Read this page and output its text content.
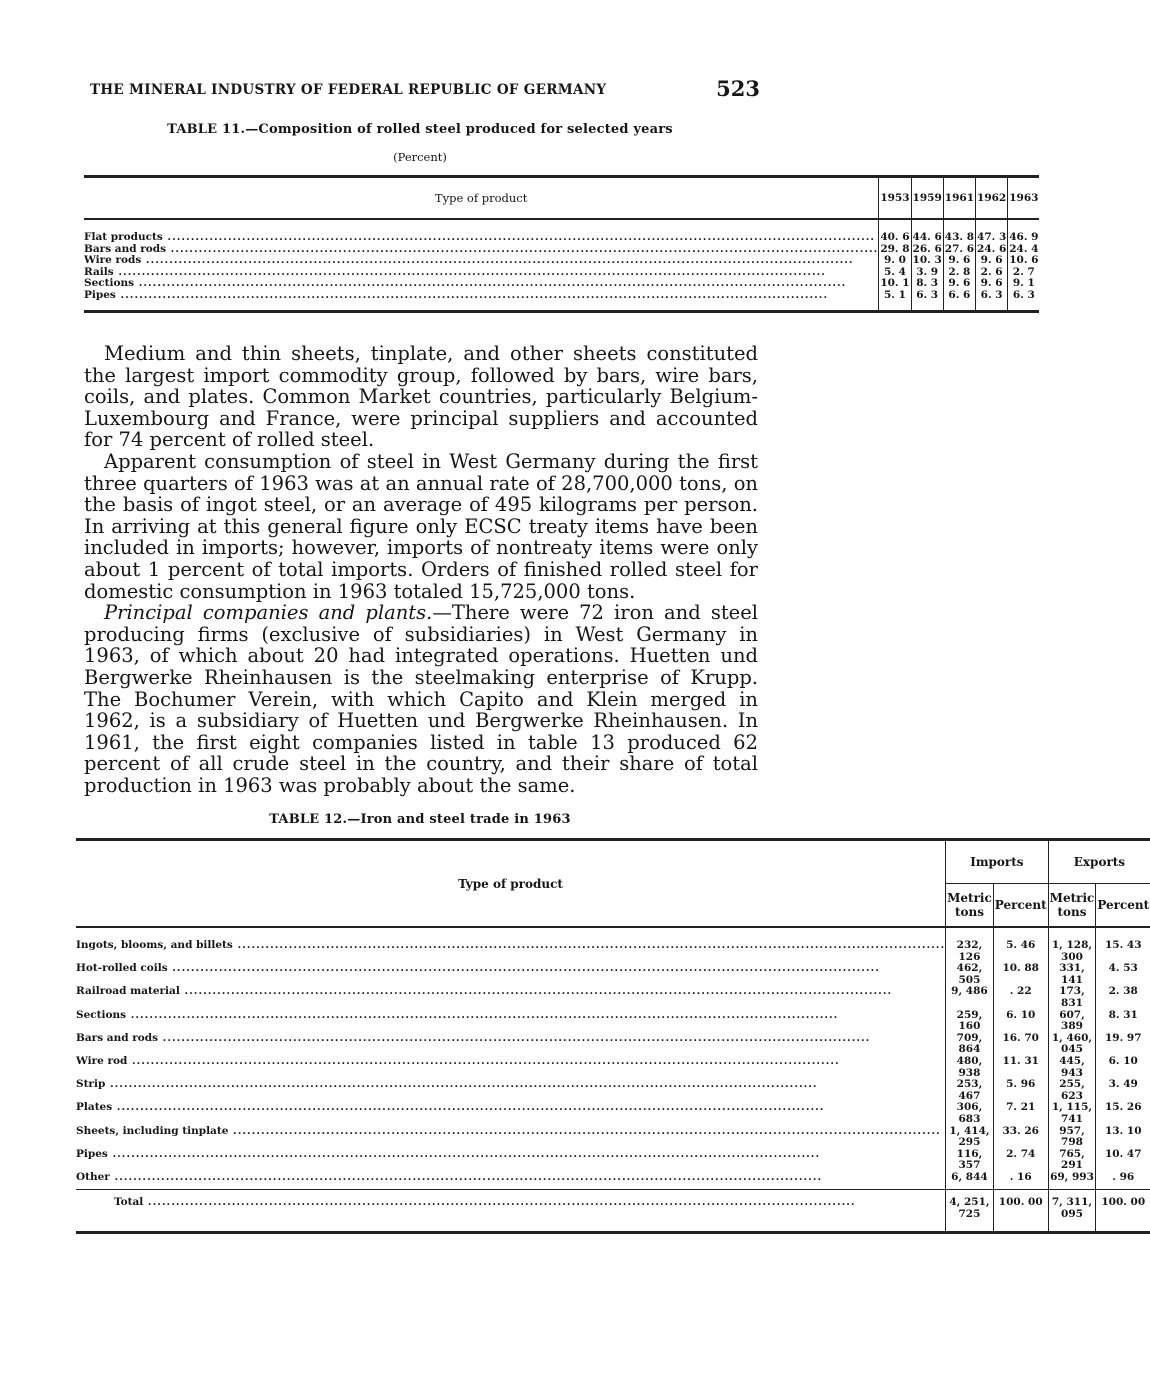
THE MINERAL INDUSTRY OF FEDERAL REPUBLIC OF GERMANY	523
TABLE 11.—Composition of rolled steel produced for selected years
(Percent)
Type of product	1953	1959	1961	1962	1963
Flat products .....	40. 6	44. 6	43. 8	47. 3	46. 9
Bars and rods .....	29. 8	26. 6	27. 6	24. 6	24. 4
Wire rods .....	9. 0	10. 3	9. 6	9. 6	10. 6
Rails .....	5. 4	3. 9	2. 8	2. 6	2. 7
Sections .....	10. 1	8. 3	9. 6	9. 6	9. 1
Pipes .....	5. 1	6. 3	6. 6	6. 3	6. 3

Medium and thin sheets, tinplate, and other sheets constituted the largest import commodity group, followed by bars, wire bars, coils, and plates. Common Market countries, particularly Belgium-Luxembourg and France, were principal suppliers and accounted for 74 percent of rolled steel.

Apparent consumption of steel in West Germany during the first three quarters of 1963 was at an annual rate of 28,700,000 tons, on the basis of ingot steel, or an average of 495 kilograms per person. In arriving at this general figure only ECSC treaty items have been included in imports; however, imports of nontreaty items were only about 1 percent of total imports. Orders of finished rolled steel for domestic consumption in 1963 totaled 15,725,000 tons.

Principal companies and plants.—There were 72 iron and steel producing firms (exclusive of subsidiaries) in West Germany in 1963, of which about 20 had integrated operations. Huetten und Bergwerke Rheinhausen is the steelmaking enterprise of Krupp. The Bochumer Verein, with which Capito and Klein merged in 1962, is a subsidiary of Huetten und Bergwerke Rheinhausen. In 1961, the first eight companies listed in table 13 produced 62 percent of all crude steel in the country, and their share of total production in 1963 was probably about the same.

TABLE 12.—Iron and steel trade in 1963
Type of product	Imports		Exports	
	Metric tons	Percent	Metric tons	Percent
Ingots, blooms, and billets .....	232, 126	5. 46	1, 128, 300	15. 43
Hot-rolled coils .....	462, 505	10. 88	331, 141	4. 53
Railroad material .....	9, 486	. 22	173, 831	2. 38
Sections .....	259, 160	6. 10	607, 389	8. 31
Bars and rods .....	709, 864	16. 70	1, 460, 045	19. 97
Wire rod .....	480, 938	11. 31	445, 943	6. 10
Strip .....	253, 467	5. 96	255, 623	3. 49
Plates .....	306, 683	7. 21	1, 115, 741	15. 26
Sheets, including tinplate .....	1, 414, 295	33. 26	957, 798	13. 10
Pipes .....	116, 357	2. 74	765, 291	10. 47
Other .....	6, 844	. 16	69, 993	. 96
Total .....	4, 251, 725	100. 00	7, 311, 095	100. 00
